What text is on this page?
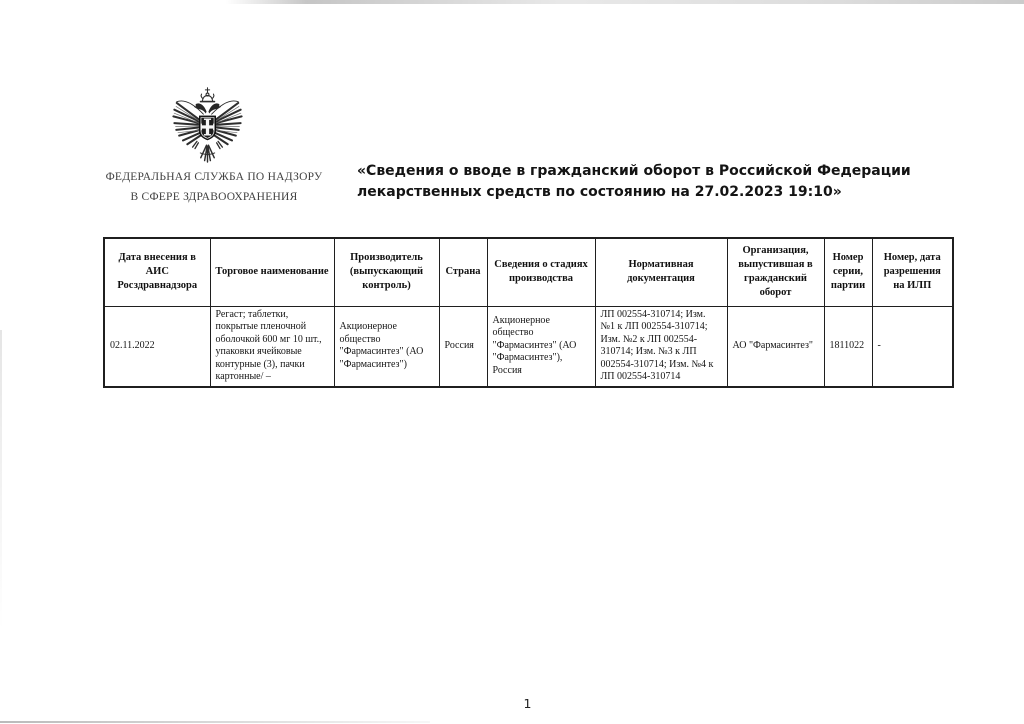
ФЕДЕРАЛЬНАЯ СЛУЖБА ПО НАДЗОРУ
В СФЕРЕ ЗДРАВООХРАНЕНИЯ
«Сведения о вводе в гражданский оборот в Российской Федерации лекарственных средств по состоянию на 27.02.2023 19:10»
Дата внесения в АИС Росздравнадзора	Торговое наименование	Производитель (выпускающий контроль)	Страна	Сведения о стадиях производства	Нормативная документация	Организация, выпустившая в гражданский оборот	Номер серии, партии	Номер, дата разрешения на ИЛП
02.11.2022	Регаст; таблетки, покрытые пленочной оболочкой 600 мг 10 шт., упаковки ячейковые контурные (3), пачки картонные/ –	Акционерное общество "Фармасинтез" (АО "Фармасинтез")	Россия	Акционерное общество "Фармасинтез" (АО "Фармасинтез"), Россия	ЛП 002554-310714; Изм. №1 к ЛП 002554-310714; Изм. №2 к ЛП 002554-310714; Изм. №3 к ЛП 002554-310714; Изм. №4 к ЛП 002554-310714	АО "Фармасинтез"	1811022	-
1
